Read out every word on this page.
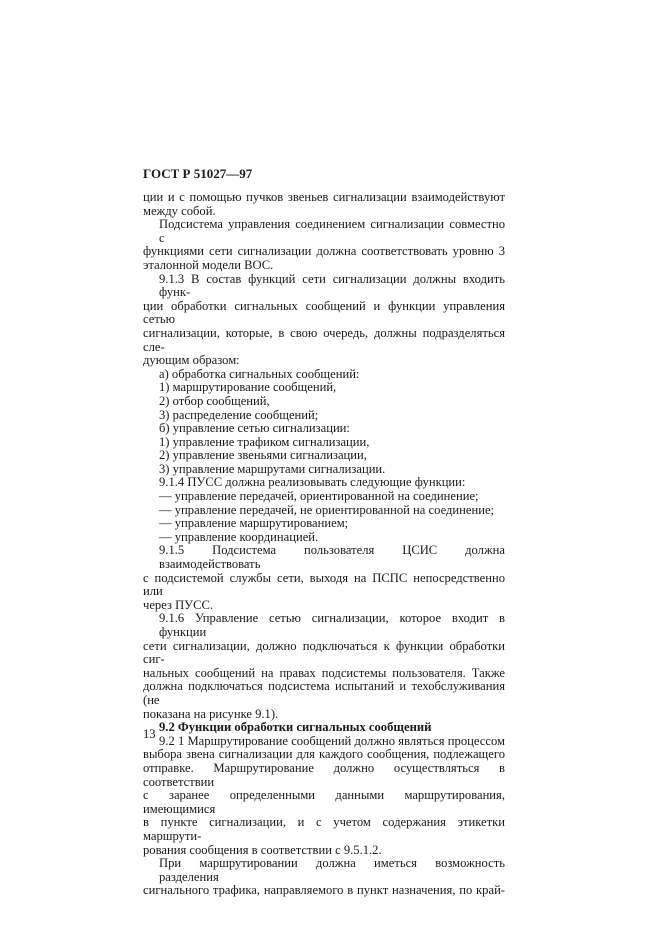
ГОСТ Р 51027—97
ции и с помощью пучков звеньев сигнализации взаимодействуют
между собой.
Подсистема управления соединением сигнализации совместно с
функциями сети сигнализации должна соответствовать уровню 3
эталонной модели ВОС.
9.1.3 В состав функций сети сигнализации должны входить функ-
ции обработки сигнальных сообщений и функции управления сетью
сигнализации, которые, в свою очередь, должны подразделяться сле-
дующим образом:
а) обработка сигнальных сообщений:
1) маршрутирование сообщений,
2) отбор сообщений,
3) распределение сообщений;
б) управление сетью сигнализации:
1) управление трафиком сигнализации,
2) управление звеньями сигнализации,
3) управление маршрутами сигнализации.
9.1.4 ПУСС должна реализовывать следующие функции:
— управление передачей, ориентированной на соединение;
— управление передачей, не ориентированной на соединение;
— управление маршрутированием;
— управление координацией.
9.1.5 Подсистема пользователя ЦСИС должна взаимодействовать
с подсистемой службы сети, выходя на ПСПС непосредственно или
через ПУСС.
9.1.6 Управление сетью сигнализации, которое входит в функции
сети сигнализации, должно подключаться к функции обработки сиг-
нальных сообщений на правах подсистемы пользователя. Также
должна подключаться подсистема испытаний и техобслуживания (не
показана на рисунке 9.1).
9.2 Функции обработки сигнальных сообщений
9.2 1 Маршрутирование сообщений должно являться процессом
выбора звена сигнализации для каждого сообщения, подлежащего
отправке. Маршрутирование должно осуществляться в соответствии
с заранее определенными данными маршрутирования, имеющимися
в пункте сигнализации, и с учетом содержания этикетки маршрути-
рования сообщения в соответствии с 9.5.1.2.
При маршрутировании должна иметься возможность разделения
сигнального трафика, направляемого в пункт назначения, по край-
13
